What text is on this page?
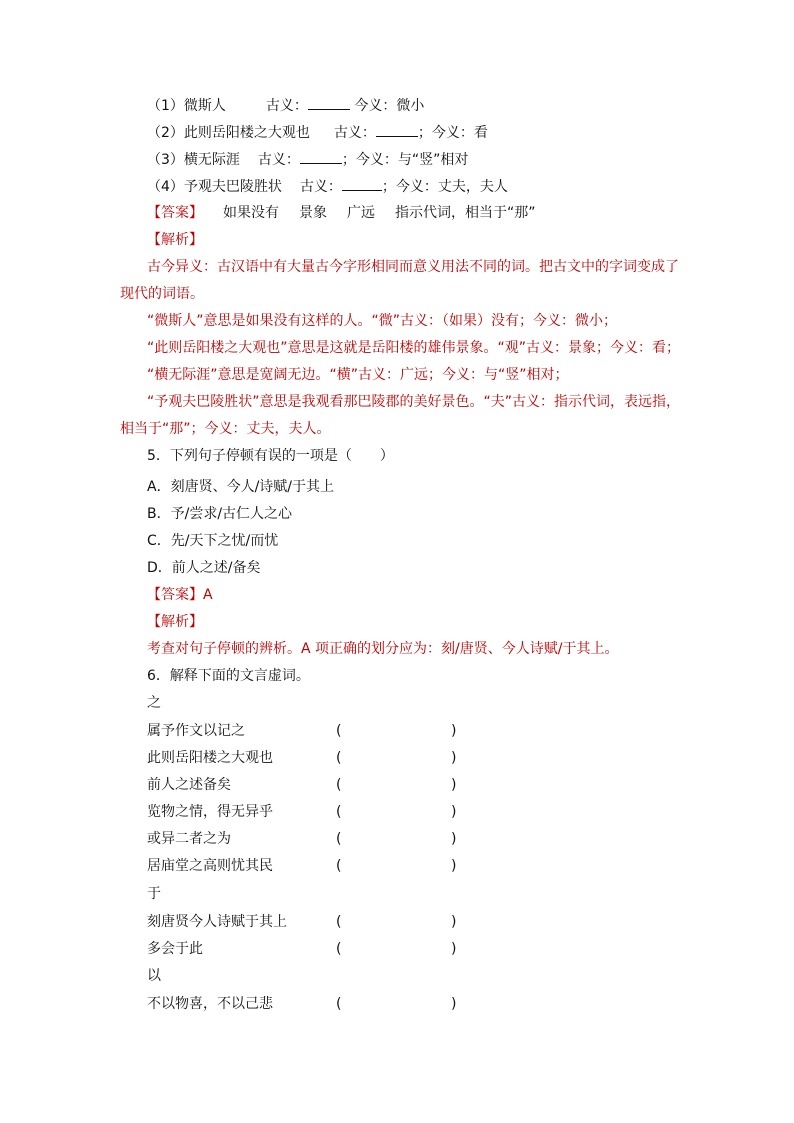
（1）微斯人	古义：	今义：微小
（2）此则岳阳楼之大观也 古义：	；今义：看
（3）横无际涯 古义：	；今义：与“竖”相对
（4）予观夫巴陵胜状 古义：	；今义：丈夫，夫人
【答案】 如果没有 景象 广远 指示代词，相当于“那”
【解析】
古今异义：古汉语中有大量古今字形相同而意义用法不同的词。把古文中的字词变成了
现代的词语。
“微斯人”意思是如果没有这样的人。“微”古义：（如果）没有；今义：微小；
“此则岳阳楼之大观也”意思是这就是岳阳楼的雄伟景象。“观”古义：景象；今义：看；
“横无际涯”意思是宽阔无边。“横”古义：广远；今义：与“竖”相对；
“予观夫巴陵胜状”意思是我观看那巴陵郡的美好景色。“夫”古义：指示代词，表远指，
相当于“那”；今义：丈夫，夫人。
5．下列句子停顿有误的一项是（　　）
A．刻唐贤、今人/诗赋/于其上
B．予/尝求/古仁人之心
C．先/天下之忧/而忧
D．前人之述/备矣
【答案】A
【解析】
考查对句子停顿的辨析。A 项正确的划分应为：刻/唐贤、今人诗赋/于其上。
6．解释下面的文言虚词。
之
属予作文以记之	(	)
此则岳阳楼之大观也	(	)
前人之述备矣	(	)
览物之情，得无异乎	(	)
或异二者之为	(	)
居庙堂之高则忧其民	(	)
于
刻唐贤今人诗赋于其上	(	)
多会于此	(	)
以
不以物喜，不以己悲	(	)
